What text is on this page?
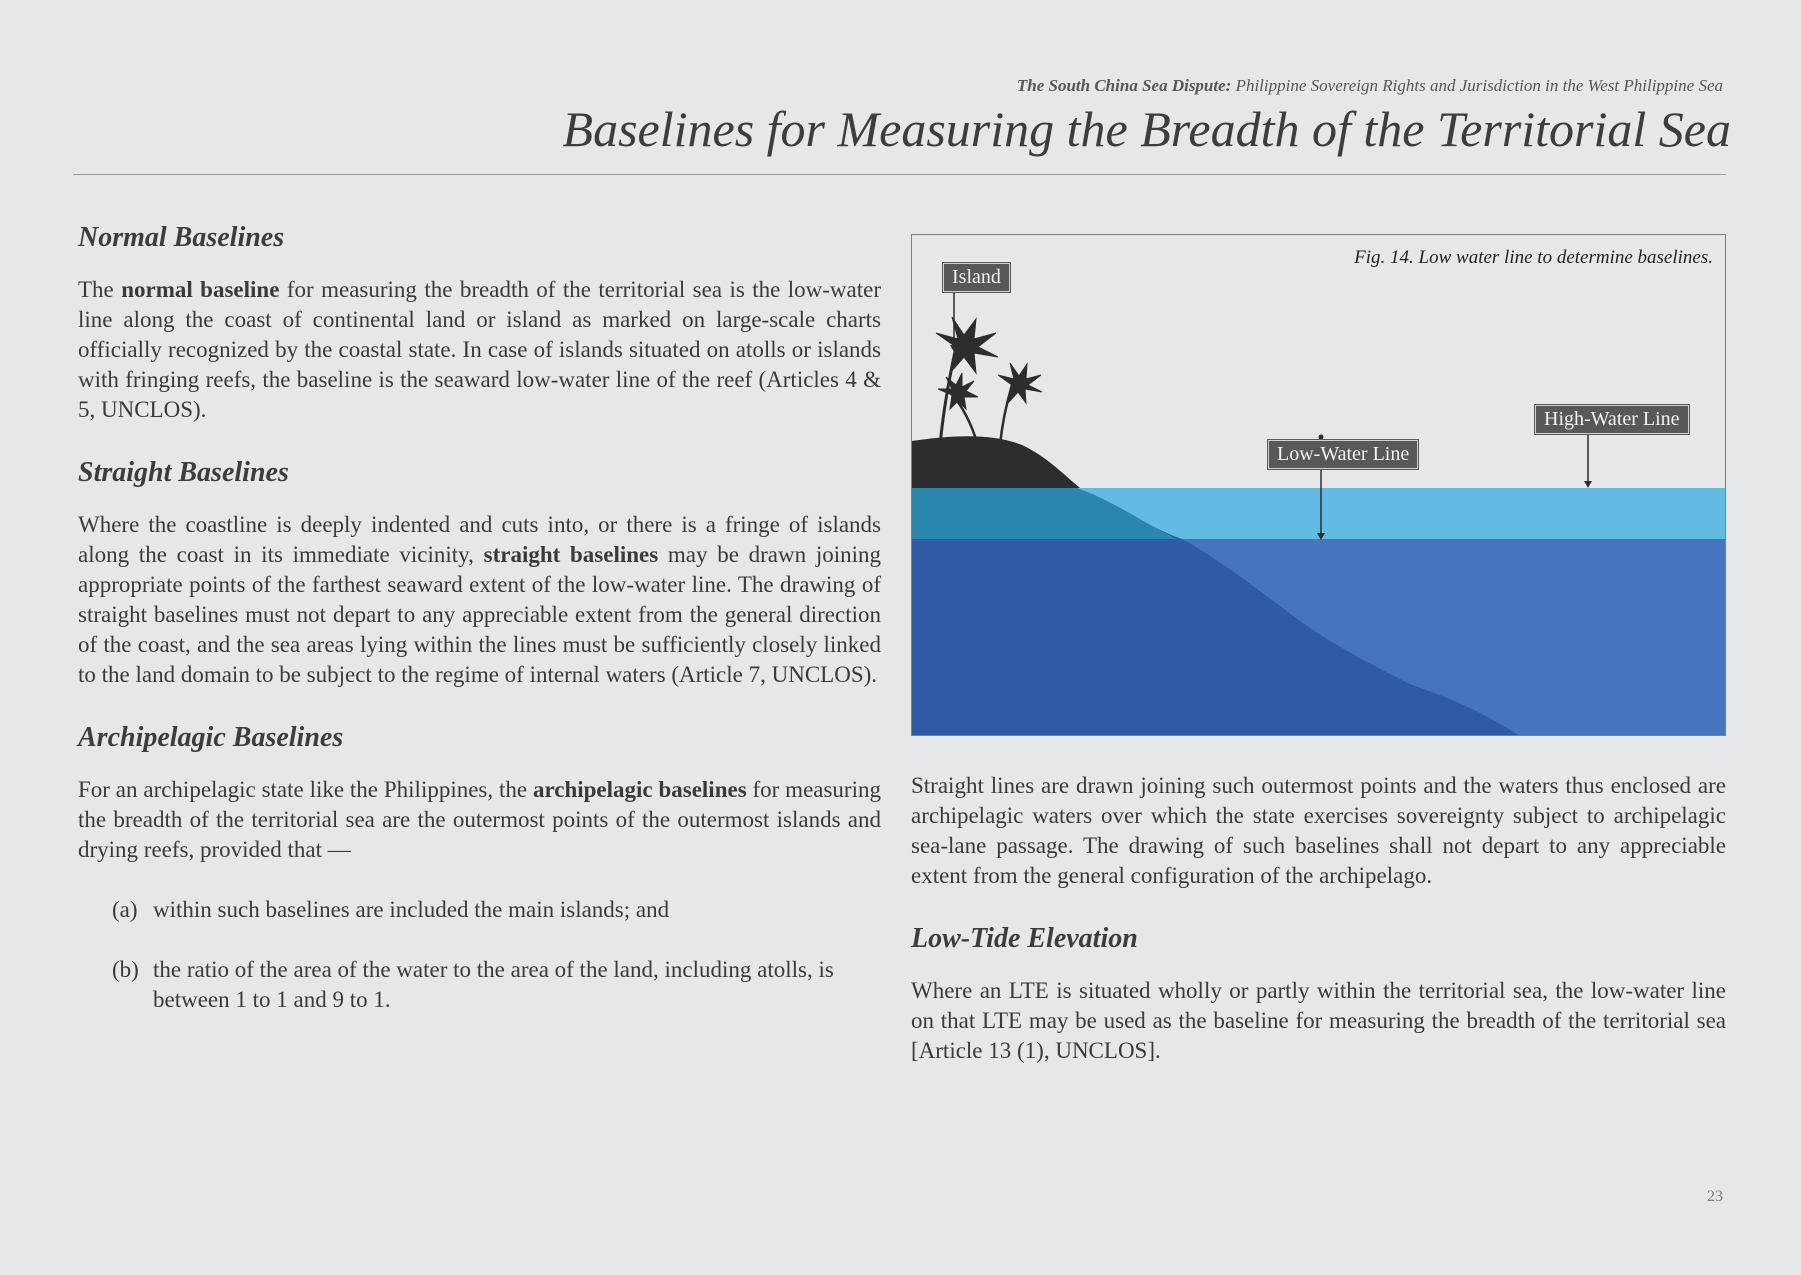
The South China Sea Dispute: Philippine Sovereign Rights and Jurisdiction in the West Philippine Sea
Baselines for Measuring the Breadth of the Territorial Sea
Normal Baselines

The normal baseline for measuring the breadth of the territorial sea is the low-water line along the coast of continental land or island as marked on large-scale charts officially recognized by the coastal state. In case of islands situated on atolls or islands with fringing reefs, the baseline is the seaward low-water line of the reef (Articles 4 & 5, UNCLOS).

Straight Baselines

Where the coastline is deeply indented and cuts into, or there is a fringe of islands along the coast in its immediate vicinity, straight baselines may be drawn joining appropriate points of the farthest seaward extent of the low-water line. The drawing of straight baselines must not depart to any appreciable extent from the general direction of the coast, and the sea areas lying within the lines must be sufficiently closely linked to the land domain to be subject to the regime of internal waters (Article 7, UNCLOS).

Archipelagic Baselines

For an archipelagic state like the Philippines, the archipelagic baselines for measuring the breadth of the territorial sea are the outermost points of the outermost islands and drying reefs, provided that —

(a) within such baselines are included the main islands; and
(b) the ratio of the area of the water to the area of the land, including atolls, is between 1 to 1 and 9 to 1.
Island
Low-Water Line
High-Water Line
Fig. 14. Low water line to determine baselines.

Straight lines are drawn joining such outermost points and the waters thus enclosed are archipelagic waters over which the state exercises sovereignty subject to archipelagic sea-lane passage. The drawing of such baselines shall not depart to any appreciable extent from the general configuration of the archipelago.

Low-Tide Elevation

Where an LTE is situated wholly or partly within the territorial sea, the low-water line on that LTE may be used as the baseline for measuring the breadth of the territorial sea [Article 13 (1), UNCLOS].

23
